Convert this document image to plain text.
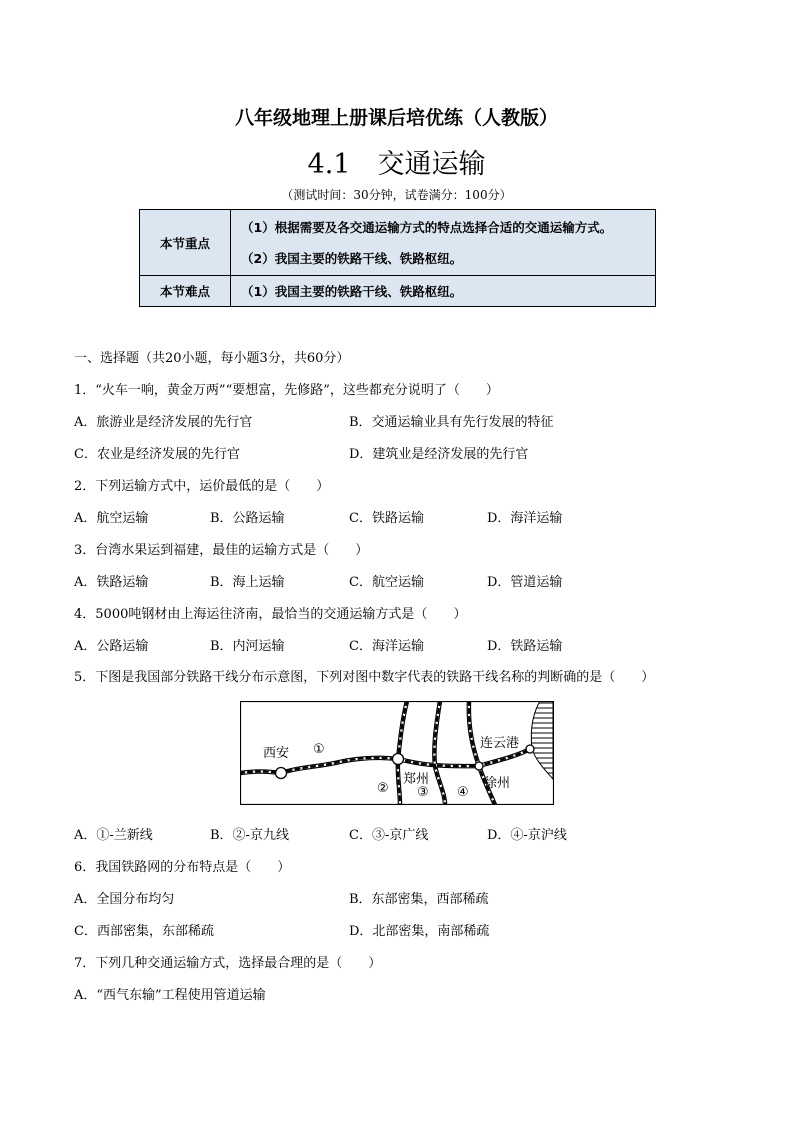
八年级地理上册课后培优练（人教版）
4.1　交通运输
（测试时间：30分钟，试卷满分：100分）
本节重点	（1）根据需要及各交通运输方式的特点选择合适的交通运输方式。
（2）我国主要的铁路干线、铁路枢纽。

本节难点	（1）我国主要的铁路干线、铁路枢纽。
一、选择题（共20小题，每小题3分，共60分）
1．“火车一响，黄金万两”“要想富，先修路”，这些都充分说明了（　　）
A．旅游业是经济发展的先行官	B．交通运输业具有先行发展的特征
C．农业是经济发展的先行官	D．建筑业是经济发展的先行官
2．下列运输方式中，运价最低的是（　　）
A．航空运输	B．公路运输	C．铁路运输	D．海洋运输
3．台湾水果运到福建，最佳的运输方式是（　　）
A．铁路运输	B．海上运输	C．航空运输	D．管道运输
4．5000吨钢材由上海运往济南，最恰当的交通运输方式是（　　）
A．公路运输	B．内河运输	C．海洋运输	D．铁路运输
5．下图是我国部分铁路干线分布示意图，下列对图中数字代表的铁路干线名称的判断确的是（　　）
西安
郑州	徐州
连云港
①
② ③ ④
A．①-兰新线	B．②-京九线	C．③-京广线	D．④-京沪线
6．我国铁路网的分布特点是（　　）
A．全国分布均匀	B．东部密集，西部稀疏
C．西部密集，东部稀疏	D．北部密集，南部稀疏
7．下列几种交通运输方式，选择最合理的是（　　）
A．“西气东输”工程使用管道运输
